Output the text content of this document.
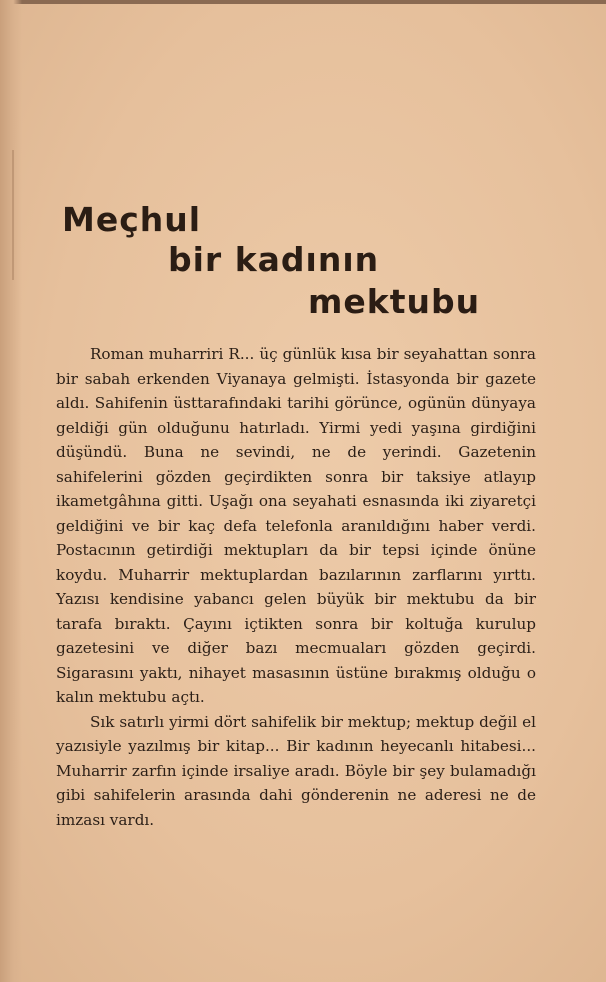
Meçhul
bir kadının
mektubu

Roman muharriri R... üç günlük kısa bir seyahattan sonra bir sabah erkenden Viyanaya gelmişti. İstasyonda bir gazete aldı. Sahifenin üsttarafındaki tarihi görünce, ogünün dünyaya geldiği gün olduğunu hatırladı. Yirmi yedi yaşına girdiğini düşündü. Buna ne sevindi, ne de yerindi. Gazetenin sahifelerini gözden geçirdikten sonra bir taksiye atlayıp ikametgâhına gitti. Uşağı ona seyahati esnasında iki ziyaretçi geldiğini ve bir kaç defa telefonla aranıldığını haber verdi. Postacının getirdiği mektupları da bir tepsi içinde önüne koydu. Muharrir mektuplardan bazılarının zarflarını yırttı. Yazısı kendisine yabancı gelen büyük bir mektubu da bir tarafa bıraktı. Çayını içtikten sonra bir koltuğa kurulup gazetesini ve diğer bazı mecmuaları gözden geçirdi. Sigarasını yaktı, nihayet masasının üstüne bırakmış olduğu o kalın mektubu açtı.

Sık satırlı yirmi dört sahifelik bir mektup; mektup değil el yazısiyle yazılmış bir kitap... Bir kadının heyecanlı hitabesi... Muharrir zarfın içinde irsaliye aradı. Böyle bir şey bulamadığı gibi sahifelerin arasında dahi gönderenin ne aderesi ne de imzası vardı.
